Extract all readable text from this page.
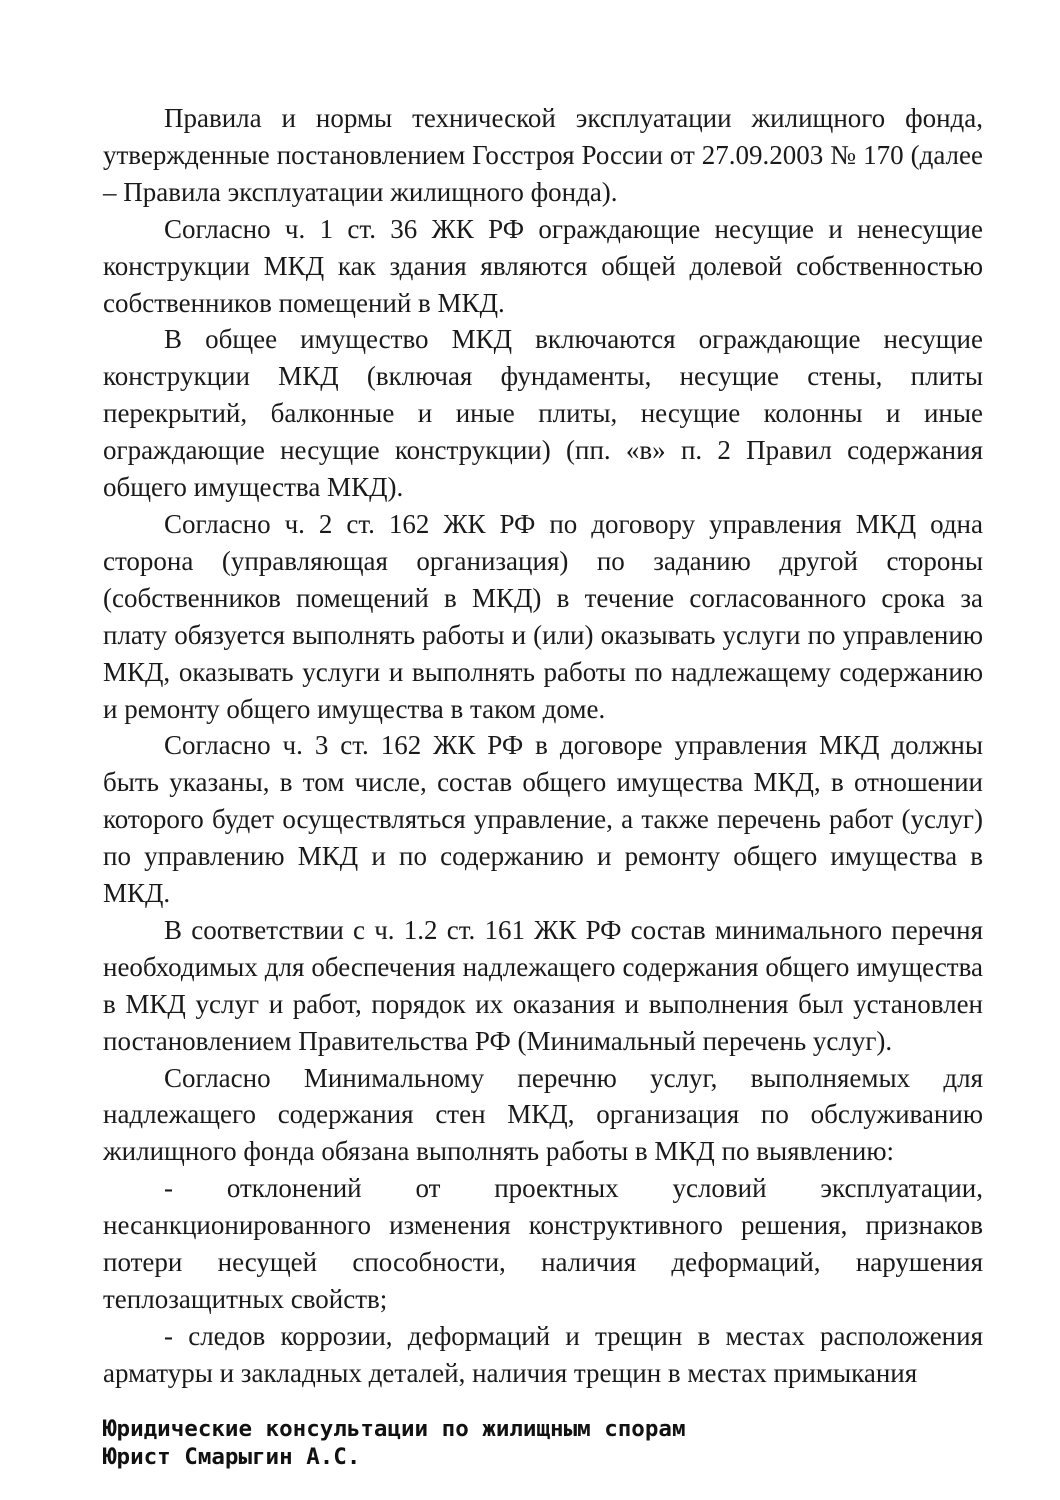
Правила и нормы технической эксплуатации жилищного фонда, утвержденные постановлением Госстроя России от 27.09.2003 № 170 (далее – Правила эксплуатации жилищного фонда).

Согласно ч. 1 ст. 36 ЖК РФ ограждающие несущие и ненесущие конструкции МКД как здания являются общей долевой собственностью собственников помещений в МКД.

В общее имущество МКД включаются ограждающие несущие конструкции МКД (включая фундаменты, несущие стены, плиты перекрытий, балконные и иные плиты, несущие колонны и иные ограждающие несущие конструкции) (пп. «в» п. 2 Правил содержания общего имущества МКД).

Согласно ч. 2 ст. 162 ЖК РФ по договору управления МКД одна сторона (управляющая организация) по заданию другой стороны (собственников помещений в МКД) в течение согласованного срока за плату обязуется выполнять работы и (или) оказывать услуги по управлению МКД, оказывать услуги и выполнять работы по надлежащему содержанию и ремонту общего имущества в таком доме.

Согласно ч. 3 ст. 162 ЖК РФ в договоре управления МКД должны быть указаны, в том числе, состав общего имущества МКД, в отношении которого будет осуществляться управление, а также перечень работ (услуг) по управлению МКД и по содержанию и ремонту общего имущества в МКД.

В соответствии с ч. 1.2 ст. 161 ЖК РФ состав минимального перечня необходимых для обеспечения надлежащего содержания общего имущества в МКД услуг и работ, порядок их оказания и выполнения был установлен постановлением Правительства РФ (Минимальный перечень услуг).

Согласно Минимальному перечню услуг, выполняемых для надлежащего содержания стен МКД, организация по обслуживанию жилищного фонда обязана выполнять работы в МКД по выявлению:

- отклонений от проектных условий эксплуатации, несанкционированного изменения конструктивного решения, признаков потери несущей способности, наличия деформаций, нарушения теплозащитных свойств;

- следов коррозии, деформаций и трещин в местах расположения арматуры и закладных деталей, наличия трещин в местах примыкания

Юридические консультации по жилищным спорам
Юрист Смарыгин А.С.
